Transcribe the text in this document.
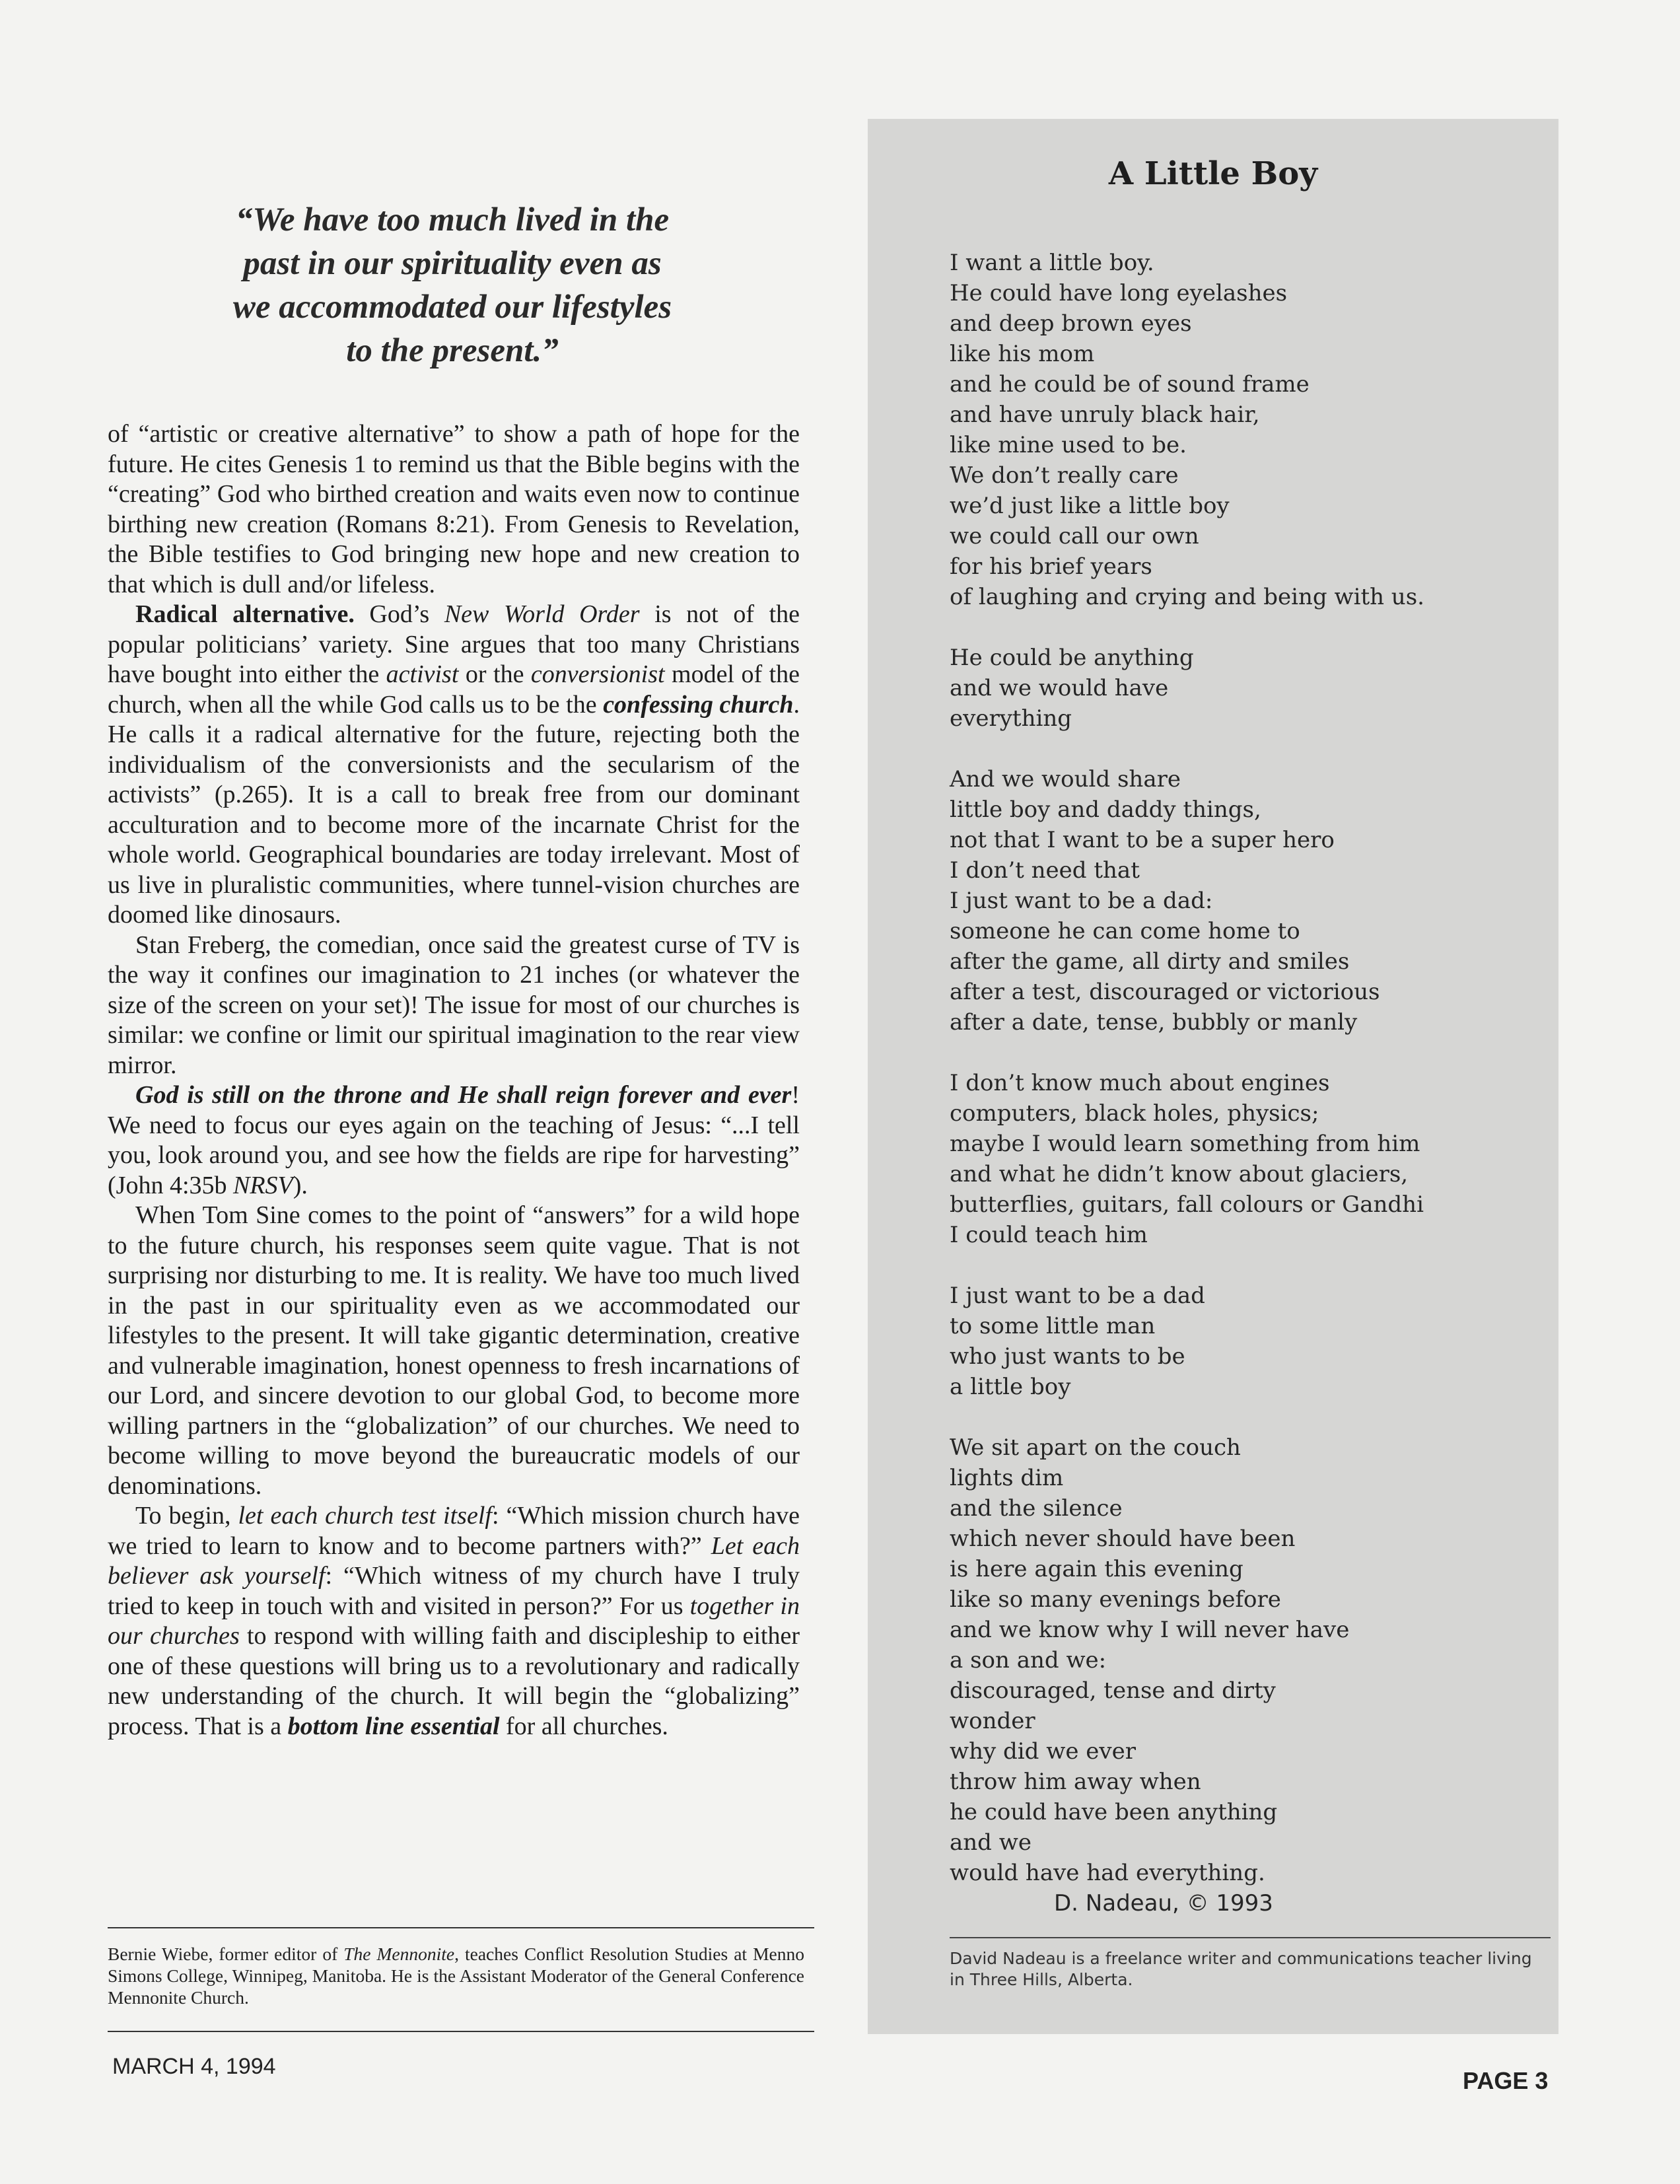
“We have too much lived in the
past in our spirituality even as
we accommodated our lifestyles
to the present.”

of “artistic or creative alternative” to show a path of hope for the future. He cites Genesis 1 to remind us that the Bible begins with the “creating” God who birthed creation and waits even now to continue birthing new creation (Romans 8:21). From Genesis to Revelation, the Bible testifies to God bringing new hope and new creation to that which is dull and/or lifeless.

Radical alternative. God’s New World Order is not of the popular politicians’ variety. Sine argues that too many Christians have bought into either the activist or the conversionist model of the church, when all the while God calls us to be the confessing church. He calls it a radical alternative for the future, rejecting both the individualism of the conversionists and the secularism of the activists” (p.265). It is a call to break free from our dominant acculturation and to become more of the incarnate Christ for the whole world. Geographical boundaries are today irrelevant. Most of us live in pluralistic communities, where tunnel-vision churches are doomed like dinosaurs.

Stan Freberg, the comedian, once said the greatest curse of TV is the way it confines our imagination to 21 inches (or whatever the size of the screen on your set)! The issue for most of our churches is similar: we confine or limit our spiritual imagination to the rear view mirror.

God is still on the throne and He shall reign forever and ever! We need to focus our eyes again on the teaching of Jesus: “...I tell you, look around you, and see how the fields are ripe for harvesting” (John 4:35b NRSV).

When Tom Sine comes to the point of “answers” for a wild hope to the future church, his responses seem quite vague. That is not surprising nor disturbing to me. It is reality. We have too much lived in the past in our spirituality even as we accommodated our lifestyles to the present. It will take gigantic determination, creative and vulnerable imagination, honest openness to fresh incarnations of our Lord, and sincere devotion to our global God, to become more willing partners in the “globalization” of our churches. We need to become willing to move beyond the bureaucratic models of our denominations.

To begin, let each church test itself: “Which mission church have we tried to learn to know and to become partners with?” Let each believer ask yourself: “Which witness of my church have I truly tried to keep in touch with and visited in person?” For us together in our churches to respond with willing faith and discipleship to either one of these questions will bring us to a revolutionary and radically new understanding of the church. It will begin the “globalizing” process. That is a bottom line essential for all churches.

Bernie Wiebe, former editor of The Mennonite, teaches Conflict Resolution Studies at Menno Simons College, Winnipeg, Manitoba. He is the Assistant Moderator of the General Conference Mennonite Church.
MARCH 4, 1994
PAGE 3
A Little Boy
I want a little boy.
He could have long eyelashes
and deep brown eyes
like his mom
and he could be of sound frame
and have unruly black hair,
like mine used to be.
We don’t really care
we’d just like a little boy
we could call our own
for his brief years
of laughing and crying and being with us.
He could be anything
and we would have
everything
And we would share
little boy and daddy things,
not that I want to be a super hero
I don’t need that
I just want to be a dad:
someone he can come home to
after the game, all dirty and smiles
after a test, discouraged or victorious
after a date, tense, bubbly or manly
I don’t know much about engines
computers, black holes, physics;
maybe I would learn something from him
and what he didn’t know about glaciers,
butterflies, guitars, fall colours or Gandhi
I could teach him
I just want to be a dad
to some little man
who just wants to be
a little boy
We sit apart on the couch
lights dim
and the silence
which never should have been
is here again this evening
like so many evenings before
and we know why I will never have
a son and we:
discouraged, tense and dirty
wonder
why did we ever
throw him away when
he could have been anything
and we
would have had everything.
D. Nadeau, © 1993
David Nadeau is a freelance writer and communications teacher living in Three Hills, Alberta.
